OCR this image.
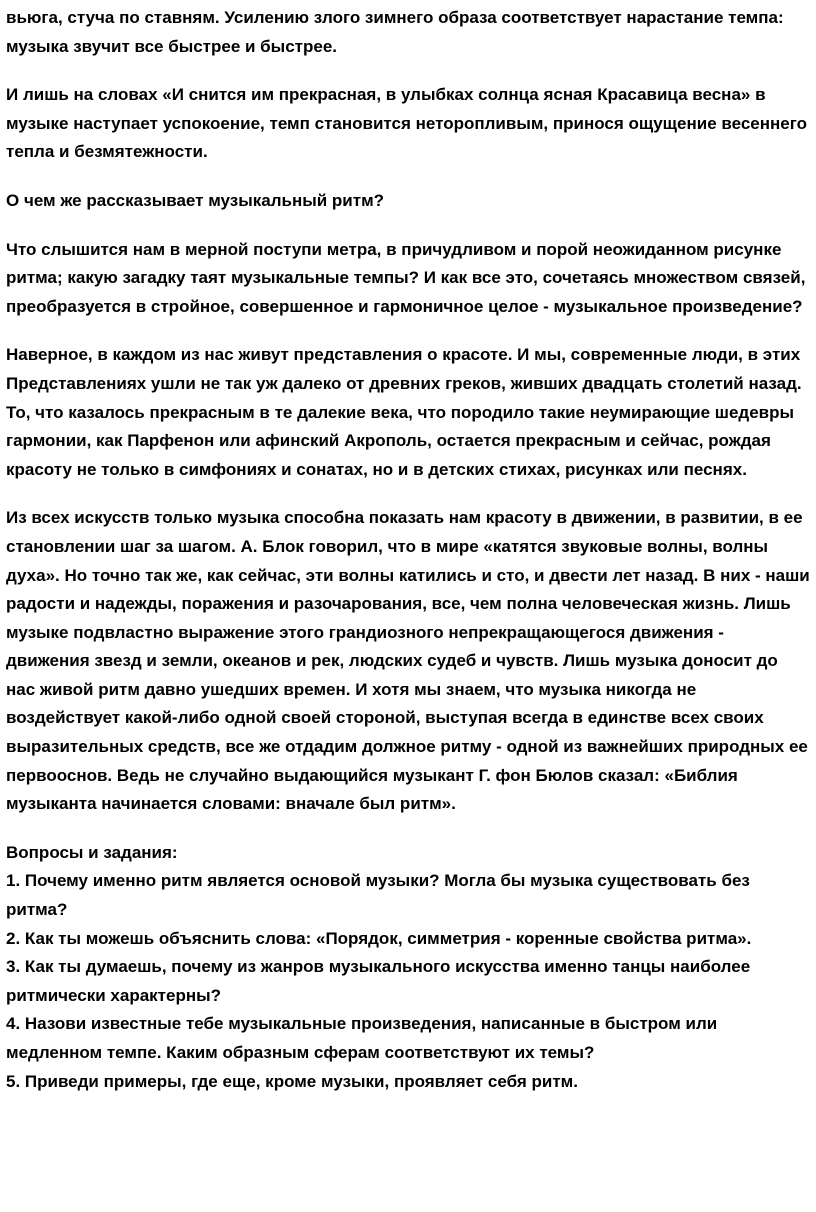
вьюга, стуча по ставням. Усилению злого зимнего образа соответствует нарастание темпа: музыка звучит все быстрее и быстрее.

И лишь на словах «И снится им прекрасная, в улыбках солнца ясная Красавица весна» в музыке наступает успокоение, темп становится неторопливым, принося ощущение весеннего тепла и безмятежности.

О чем же рассказывает музыкальный ритм?

Что слышится нам в мерной поступи метра, в причудливом и порой неожиданном рисунке ритма; какую загадку таят музыкальные темпы? И как все это, сочетаясь множеством связей, преобразуется в стройное, совершенное и гармоничное целое - музыкальное произведение?

Наверное, в каждом из нас живут представления о красоте. И мы, современные люди, в этих Представлениях ушли не так уж далеко от древних греков, живших двадцать столетий назад. То, что казалось прекрасным в те далекие века, что породило такие неумирающие шедевры гармонии, как Парфенон или афинский Акрополь, остается прекрасным и сейчас, рождая красоту не только в симфониях и сонатах, но и в детских стихах, рисунках или песнях.

Из всех искусств только музыка способна показать нам красоту в движении, в развитии, в ее становлении шаг за шагом. А. Блок говорил, что в мире «катятся звуковые волны, волны духа». Но точно так же, как сейчас, эти волны катились и сто, и двести лет назад. В них - наши радости и надежды, поражения и разочарования, все, чем полна человеческая жизнь. Лишь музыке подвластно выражение этого грандиозного непрекращающегося движения - движения звезд и земли, океанов и рек, людских судеб и чувств. Лишь музыка доносит до нас живой ритм давно ушедших времен. И хотя мы знаем, что музыка никогда не воздействует какой-либо одной своей стороной, выступая всегда в единстве всех своих выразительных средств, все же отдадим должное ритму - одной из важнейших природных ее первооснов. Ведь не случайно выдающийся музыкант Г. фон Бюлов сказал: «Библия музыканта начинается словами: вначале был ритм».

Вопросы и задания:

1. Почему именно ритм является основой музыки? Могла бы музыка существовать без ритма?

2. Как ты можешь объяснить слова: «Порядок, симметрия - коренные свойства ритма».

3. Как ты думаешь, почему из жанров музыкального искусства именно танцы наиболее ритмически характерны?

4. Назови известные тебе музыкальные произведения, написанные в быстром или медленном темпе. Каким образным сферам соответствуют их темы?

5. Приведи примеры, где еще, кроме музыки, проявляет себя ритм.
